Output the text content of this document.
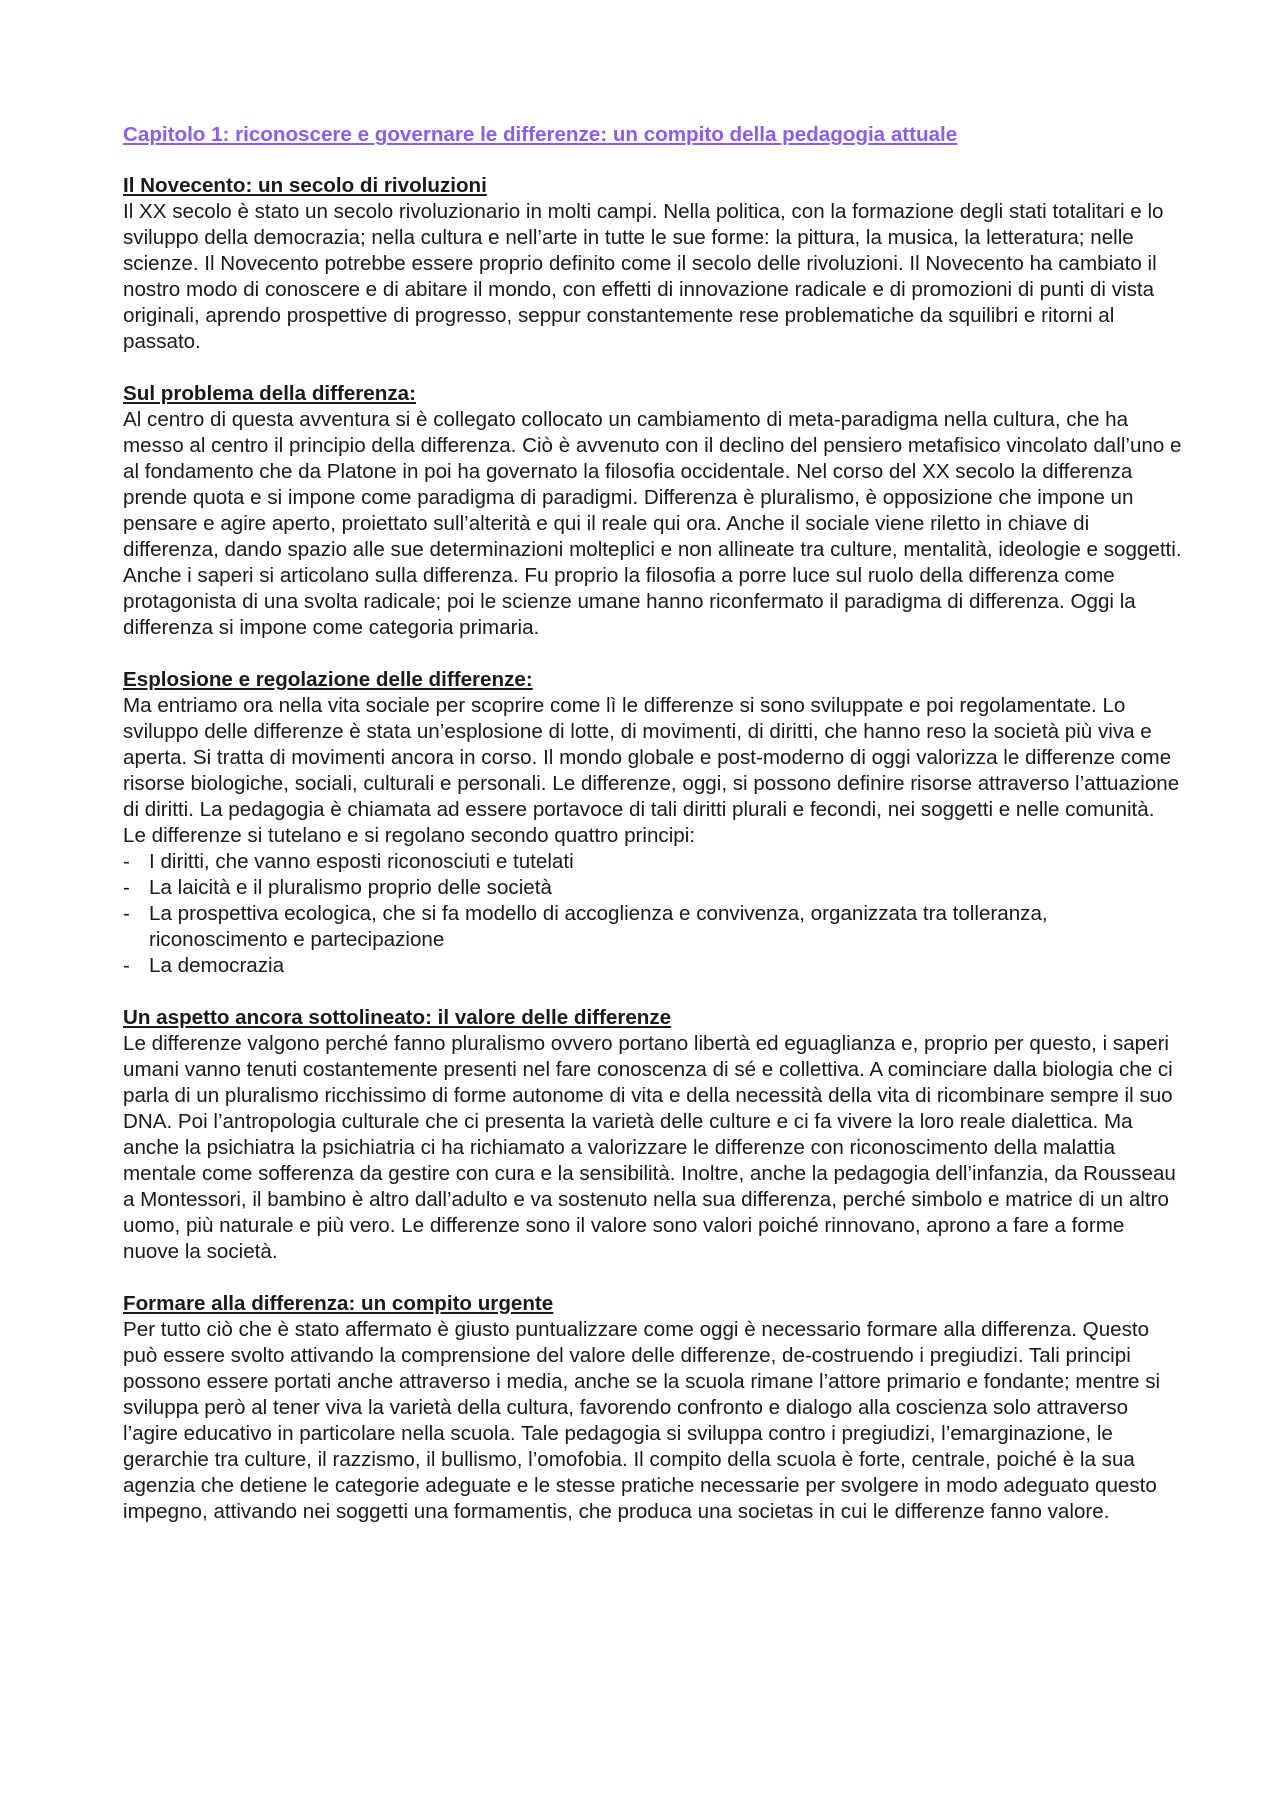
Capitolo 1: riconoscere e governare le differenze: un compito della pedagogia attuale
Il Novecento: un secolo di rivoluzioni

Il XX secolo è stato un secolo rivoluzionario in molti campi. Nella politica, con la formazione degli stati totalitari e lo sviluppo della democrazia; nella cultura e nell’arte in tutte le sue forme: la pittura, la musica, la letteratura; nelle scienze. Il Novecento potrebbe essere proprio definito come il secolo delle rivoluzioni. Il Novecento ha cambiato il nostro modo di conoscere e di abitare il mondo, con effetti di innovazione radicale e di promozioni di punti di vista originali, aprendo prospettive di progresso, seppur constantemente rese problematiche da squilibri e ritorni al passato.

Sul problema della differenza:

Al centro di questa avventura si è collegato collocato un cambiamento di meta-paradigma nella cultura, che ha messo al centro il principio della differenza. Ciò è avvenuto con il declino del pensiero metafisico vincolato dall’uno e al fondamento che da Platone in poi ha governato la filosofia occidentale. Nel corso del XX secolo la differenza prende quota e si impone come paradigma di paradigmi. Differenza è pluralismo, è opposizione che impone un pensare e agire aperto, proiettato sull’alterità e qui il reale qui ora. Anche il sociale viene riletto in chiave di differenza, dando spazio alle sue determinazioni molteplici e non allineate tra culture, mentalità, ideologie e soggetti. Anche i saperi si articolano sulla differenza. Fu proprio la filosofia a porre luce sul ruolo della differenza come protagonista di una svolta radicale; poi le scienze umane hanno riconfermato il paradigma di differenza. Oggi la differenza si impone come categoria primaria.

Esplosione e regolazione delle differenze:

Ma entriamo ora nella vita sociale per scoprire come lì le differenze si sono sviluppate e poi regolamentate. Lo sviluppo delle differenze è stata un’esplosione di lotte, di movimenti, di diritti, che hanno reso la società più viva e aperta. Si tratta di movimenti ancora in corso. Il mondo globale e post-moderno di oggi valorizza le differenze come risorse biologiche, sociali, culturali e personali. Le differenze, oggi, si possono definire risorse attraverso l’attuazione di diritti. La pedagogia è chiamata ad essere portavoce di tali diritti plurali e fecondi, nei soggetti e nelle comunità. Le differenze si tutelano e si regolano secondo quattro principi:

- I diritti, che vanno esposti riconosciuti e tutelati
- La laicità e il pluralismo proprio delle società
- La prospettiva ecologica, che si fa modello di accoglienza e convivenza, organizzata tra tolleranza, riconoscimento e partecipazione
- La democrazia
Un aspetto ancora sottolineato: il valore delle differenze

Le differenze valgono perché fanno pluralismo ovvero portano libertà ed eguaglianza e, proprio per questo, i saperi umani vanno tenuti costantemente presenti nel fare conoscenza di sé e collettiva. A cominciare dalla biologia che ci parla di un pluralismo ricchissimo di forme autonome di vita e della necessità della vita di ricombinare sempre il suo DNA. Poi l’antropologia culturale che ci presenta la varietà delle culture e ci fa vivere la loro reale dialettica. Ma anche la psichiatra la psichiatria ci ha richiamato a valorizzare le differenze con riconoscimento della malattia mentale come sofferenza da gestire con cura e la sensibilità. Inoltre, anche la pedagogia dell’infanzia, da Rousseau a Montessori, il bambino è altro dall’adulto e va sostenuto nella sua differenza, perché simbolo e matrice di un altro uomo, più naturale e più vero. Le differenze sono il valore sono valori poiché rinnovano, aprono a fare a forme nuove la società.

Formare alla differenza: un compito urgente

Per tutto ciò che è stato affermato è giusto puntualizzare come oggi è necessario formare alla differenza. Questo può essere svolto attivando la comprensione del valore delle differenze, de-costruendo i pregiudizi. Tali principi possono essere portati anche attraverso i media, anche se la scuola rimane l’attore primario e fondante; mentre si sviluppa però al tener viva la varietà della cultura, favorendo confronto e dialogo alla coscienza solo attraverso l’agire educativo in particolare nella scuola. Tale pedagogia si sviluppa contro i pregiudizi, l’emarginazione, le gerarchie tra culture, il razzismo, il bullismo, l’omofobia. Il compito della scuola è forte, centrale, poiché è la sua agenzia che detiene le categorie adeguate e le stesse pratiche necessarie per svolgere in modo adeguato questo impegno, attivando nei soggetti una formamentis, che produca una societas in cui le differenze fanno valore.
